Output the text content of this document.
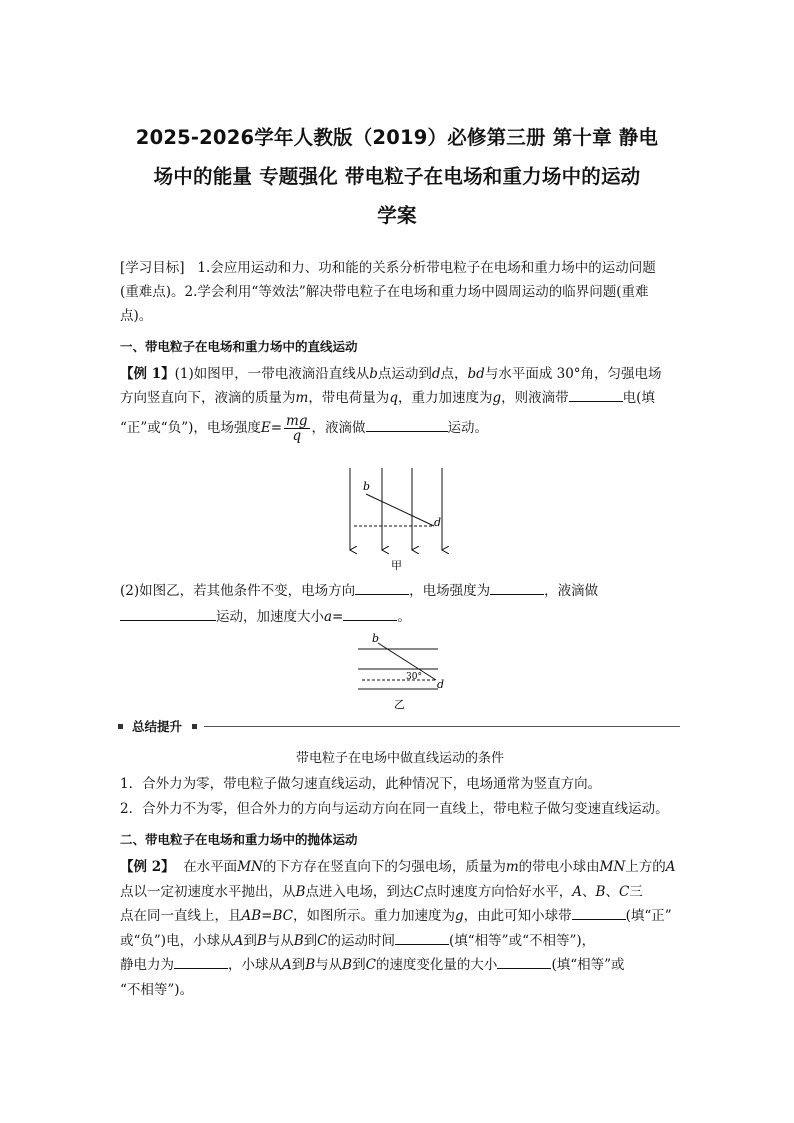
2025-2026学年人教版（2019）必修第三册 第十章 静电
场中的能量 专题强化 带电粒子在电场和重力场中的运动
学案
[学习目标] 1.会应用运动和力、功和能的关系分析带电粒子在电场和重力场中的运动问题
(重难点)。2.学会利用“等效法”解决带电粒子在电场和重力场中圆周运动的临界问题(重难
点)。
一、带电粒子在电场和重力场中的直线运动
【例 1】(1)如图甲，一带电液滴沿直线从b点运动到d点，bd与水平面成 30°角，匀强电场
方向竖直向下，液滴的质量为m，带电荷量为q，重力加速度为g，则液滴带	电(填
“正”或“负”)，电场强度$E= \frac{mg}{q}$ ，液滴做	运动。
b
d
甲
(2)如图乙，若其他条件不变，电场方向	，电场强度为	，液滴做
运动，加速度大小a=	。
b
d
30°
乙
总结提升
带电粒子在电场中做直线运动的条件
1．合外力为零，带电粒子做匀速直线运动，此种情况下，电场通常为竖直方向。
2．合外力不为零，但合外力的方向与运动方向在同一直线上，带电粒子做匀变速直线运动。
二、带电粒子在电场和重力场中的抛体运动
【例 2】 在水平面MN的下方存在竖直向下的匀强电场，质量为m的带电小球由MN上方的A
点以一定初速度水平抛出，从B点进入电场，到达C点时速度方向恰好水平，A、B、C三
点在同一直线上，且AB=BC，如图所示。重力加速度为g，由此可知小球带	(填“正”
或“负”)电，小球从A到B与从B到C的运动时间	(填“相等”或“不相等”)，
静电力为	，小球从A到B与从B到C的速度变化量的大小	(填“相等”或
“不相等”)。
